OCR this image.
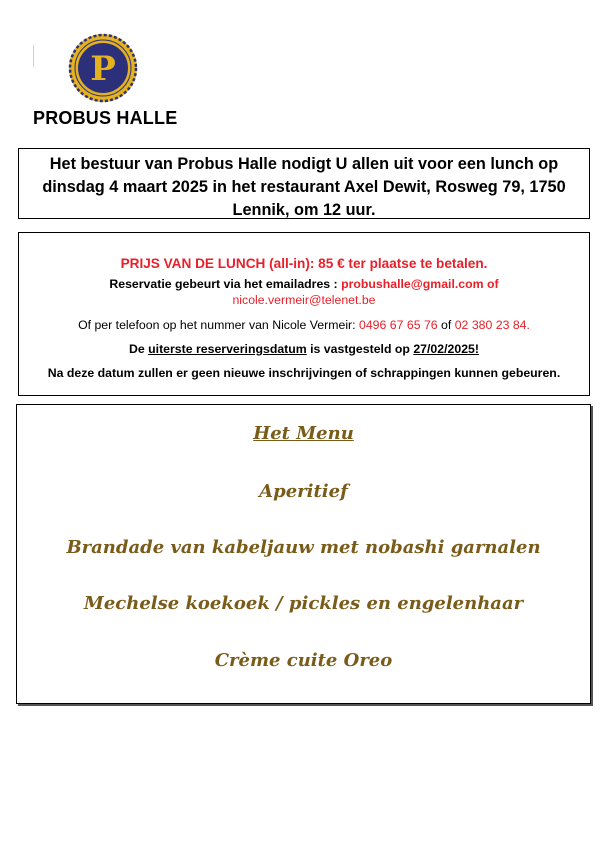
P
PROBUS HALLE

Het bestuur van Probus Halle nodigt U allen uit voor een lunch op dinsdag 4 maart 2025 in het restaurant Axel Dewit, Rosweg 79, 1750 Lennik, om 12 uur.

PRIJS VAN DE LUNCH (all-in): 85 € ter plaatse te betalen.
Reservatie gebeurt via het emailadres : probushalle@gmail.com of
nicole.vermeir@telenet.be
Of per telefoon op het nummer van Nicole Vermeir: 0496 67 65 76 of 02 380 23 84.
De uiterste reserveringsdatum is vastgesteld op 27/02/2025!
Na deze datum zullen er geen nieuwe inschrijvingen of schrappingen kunnen gebeuren.
Het Menu
Aperitief
Brandade van kabeljauw met nobashi garnalen
Mechelse koekoek / pickles en engelenhaar
Crème cuite Oreo
